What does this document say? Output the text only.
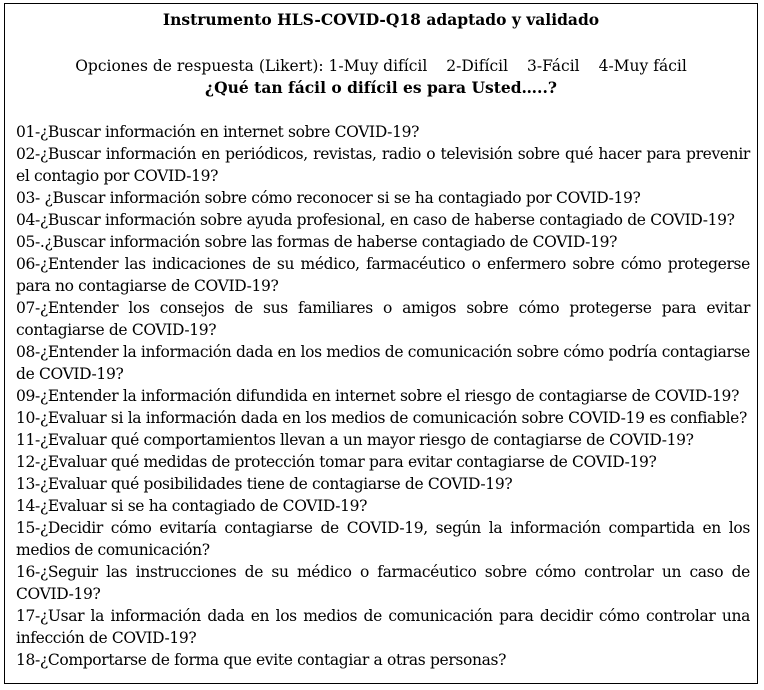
Instrumento HLS-COVID-Q18 adaptado y validado
Opciones de respuesta (Likert): 1-Muy difícil 2-Difícil 3-Fácil 4-Muy fácil
¿Qué tan fácil o difícil es para Usted…..?
01-¿Buscar información en internet sobre COVID-19?
02-¿Buscar información en periódicos, revistas, radio o televisión sobre qué hacer para prevenir el contagio por COVID-19?
03- ¿Buscar información sobre cómo reconocer si se ha contagiado por COVID-19?
04-¿Buscar información sobre ayuda profesional, en caso de haberse contagiado de COVID-19?
05-.¿Buscar información sobre las formas de haberse contagiado de COVID-19?
06-¿Entender las indicaciones de su médico, farmacéutico o enfermero sobre cómo protegerse para no contagiarse de COVID-19?
07-¿Entender los consejos de sus familiares o amigos sobre cómo protegerse para evitar contagiarse de COVID-19?
08-¿Entender la información dada en los medios de comunicación sobre cómo podría contagiarse de COVID-19?
09-¿Entender la información difundida en internet sobre el riesgo de contagiarse de COVID-19?
10-¿Evaluar si la información dada en los medios de comunicación sobre COVID-19 es confiable?
11-¿Evaluar qué comportamientos llevan a un mayor riesgo de contagiarse de COVID-19?
12-¿Evaluar qué medidas de protección tomar para evitar contagiarse de COVID-19?
13-¿Evaluar qué posibilidades tiene de contagiarse de COVID-19?
14-¿Evaluar si se ha contagiado de COVID-19?
15-¿Decidir cómo evitaría contagiarse de COVID-19, según la información compartida en los medios de comunicación?
16-¿Seguir las instrucciones de su médico o farmacéutico sobre cómo controlar un caso de COVID-19?
17-¿Usar la información dada en los medios de comunicación para decidir cómo controlar una infección de COVID-19?
18-¿Comportarse de forma que evite contagiar a otras personas?
